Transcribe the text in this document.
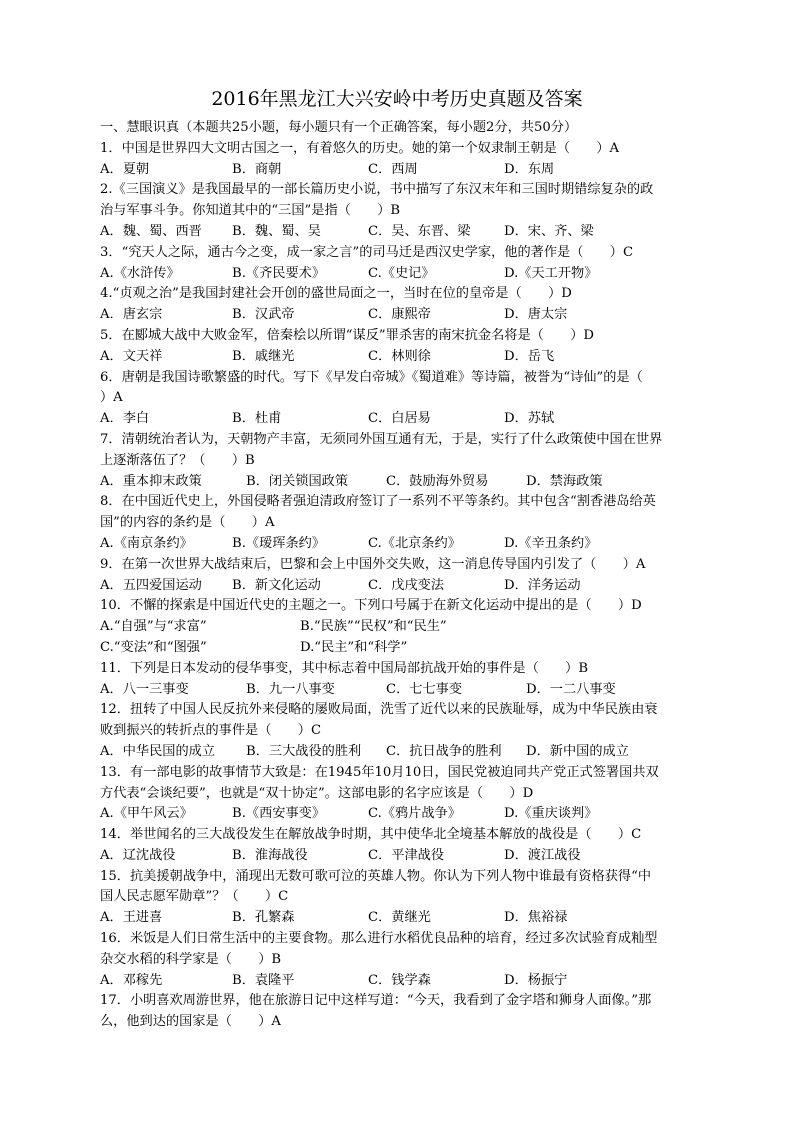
2016年黑龙江大兴安岭中考历史真题及答案
一、慧眼识真（本题共25小题，每小题只有一个正确答案，每小题2分，共50分）
1．中国是世界四大文明古国之一，有着悠久的历史。她的第一个奴隶制王朝是（　　）A
A．夏朝	B．商朝	C．西周	D．东周
2.《三国演义》是我国最早的一部长篇历史小说，书中描写了东汉末年和三国时期错综复杂的政
治与军事斗争。你知道其中的“三国”是指（　　）B
A．魏、蜀、西晋 B．魏、蜀、吴	C．吴、东晋、梁	D．宋、齐、梁
3．“究天人之际，通古今之变，成一家之言”的司马迁是西汉史学家，他的著作是（　　）C
A.《水浒传》	B.《齐民要术》	C.《史记》	D.《天工开物》
4.“贞观之治”是我国封建社会开创的盛世局面之一，当时在位的皇帝是（　　）D
A．唐玄宗	B．汉武帝	C．康熙帝	D．唐太宗
5．在郾城大战中大败金军，倍秦桧以所谓“谋反”罪杀害的南宋抗金名将是（　　）D
A．文天祥	B．戚继光	C．林则徐	D．岳飞
6．唐朝是我国诗歌繁盛的时代。写下《早发白帝城》《蜀道难》等诗篇，被誉为“诗仙”的是（
）A
A．李白	B．杜甫	C．白居易	D．苏轼
7．清朝统治者认为，天朝物产丰富，无须同外国互通有无，于是，实行了什么政策使中国在世界
上逐渐落伍了？（　　）B
A．重本抑末政策	B．闭关锁国政策	C．鼓励海外贸易	D．禁海政策
8．在中国近代史上，外国侵略者强迫清政府签订了一系列不平等条约。其中包含“割香港岛给英
国”的内容的条约是（　　）A
A.《南京条约》	B.《瑷珲条约》	C.《北京条约》	D.《辛丑条约》
9．在第一次世界大战结束后，巴黎和会上中国外交失败，这一消息传导国内引发了（　　）A
A．五四爱国运动 B．新文化运动	C．戊戌变法	D．洋务运动
10．不懈的探索是中国近代史的主题之一。下列口号属于在新文化运动中提出的是（　　）D
A.“自强”与“求富”	B.“民族”“民权”和“民生”
C.“变法”和“图强”	D.“民主”和“科学”
11．下列是日本发动的侵华事变，其中标志着中国局部抗战开始的事件是（　　）B
A．八一三事变	B．九一八事变	C．七七事变	D．一二八事变
12．扭转了中国人民反抗外来侵略的屡败局面，洗雪了近代以来的民族耻辱，成为中华民族由衰
败到振兴的转折点的事件是（　　）C
A．中华民国的成立 B．三大战役的胜利 C．抗日战争的胜利 D．新中国的成立
13．有一部电影的故事情节大致是：在1945年10月10日，国民党被迫同共产党正式签署国共双
方代表“会谈纪要”，也就是“双十协定”。这部电影的名字应该是（　　）D
A.《甲午风云》	B.《西安事变》	C.《鸦片战争》	D.《重庆谈判》
14．举世闻名的三大战役发生在解放战争时期，其中使华北全境基本解放的战役是（　　）C
A．辽沈战役	B．淮海战役	C．平津战役	D．渡江战役
15．抗美援朝战争中，涌现出无数可歌可泣的英雄人物。你认为下列人物中谁最有资格获得“中
国人民志愿军勋章”？（　　）C
A．王进喜	B．孔繁森	C．黄继光	D．焦裕禄
16．米饭是人们日常生活中的主要食物。那么进行水稻优良品种的培育，经过多次试验育成籼型
杂交水稻的科学家是（　　）B
A．邓稼先	B．袁隆平	C．钱学森	D．杨振宁
17．小明喜欢周游世界，他在旅游日记中这样写道：“今天，我看到了金字塔和狮身人面像。”那
么，他到达的国家是（　　）A
